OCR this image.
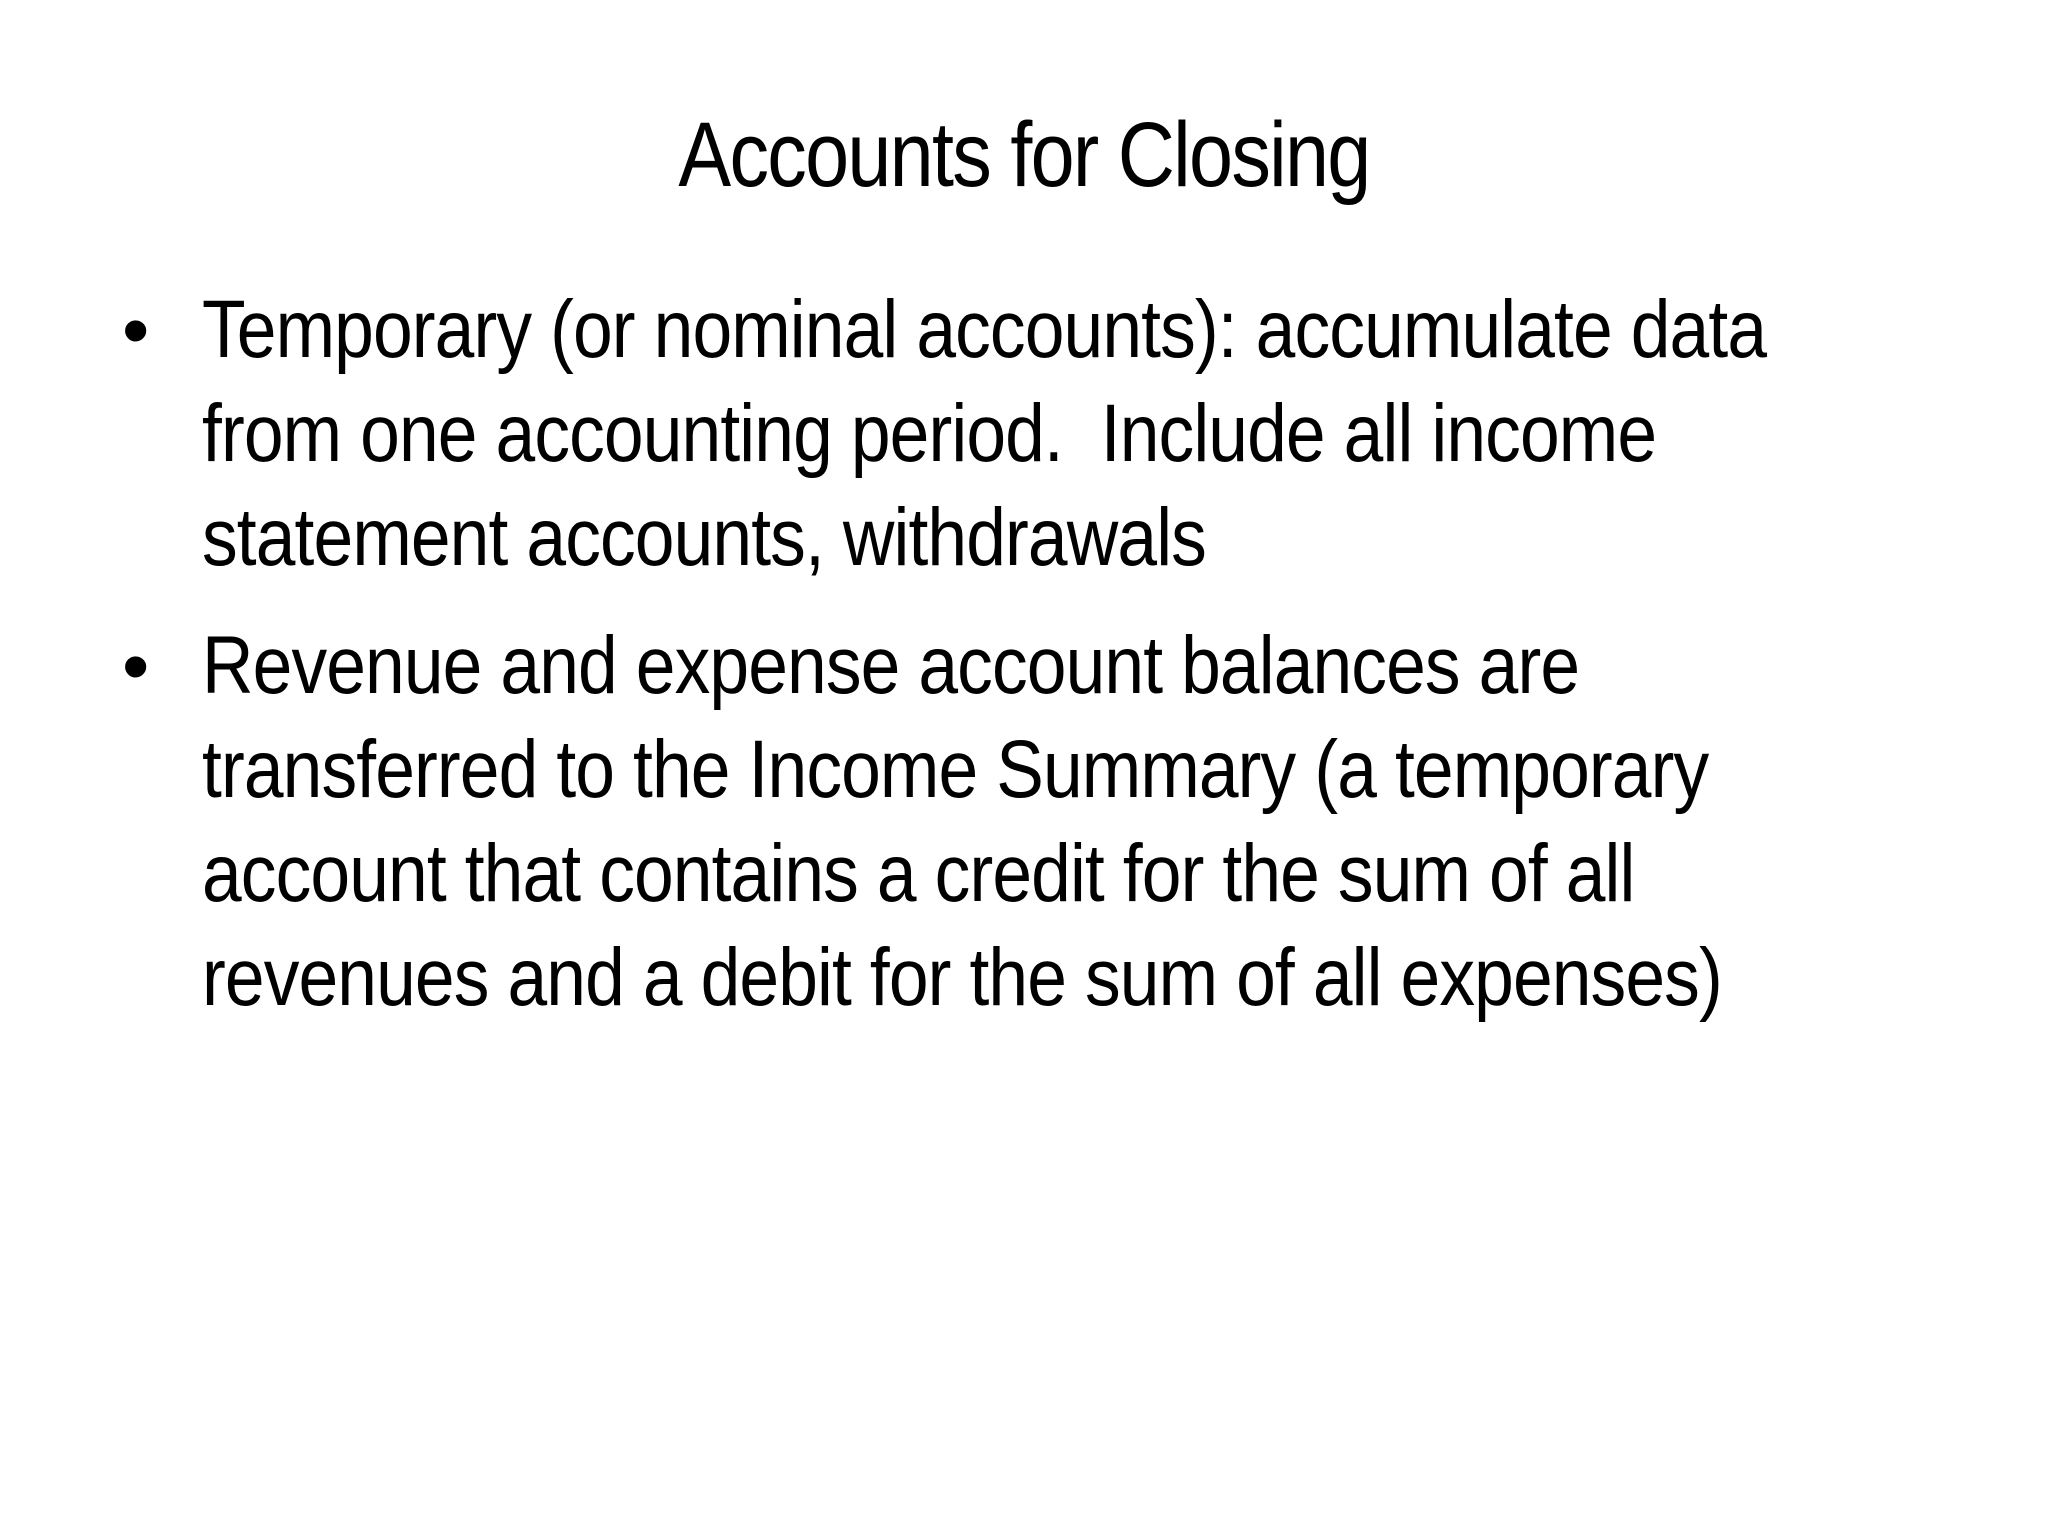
Accounts for Closing
• Temporary (or nominal accounts): accumulate data
from one accounting period.  Include all income
statement accounts, withdrawals
• Revenue and expense account balances are
transferred to the Income Summary (a temporary
account that contains a credit for the sum of all
revenues and a debit for the sum of all expenses)
